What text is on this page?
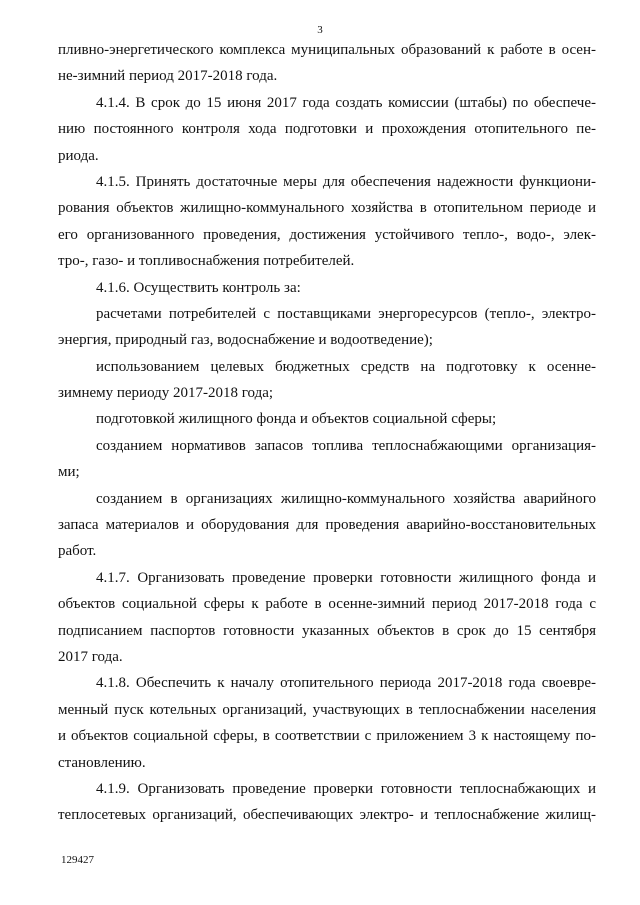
3
пливно-энергетического комплекса муниципальных образований к работе в осен-
не-зимний период 2017-2018 года.
4.1.4. В срок до 15 июня 2017 года создать комиссии (штабы) по обеспече-
нию постоянного контроля хода подготовки и прохождения отопительного пе-
риода.
4.1.5. Принять достаточные меры для обеспечения надежности функциони-
рования объектов жилищно-коммунального хозяйства в отопительном периоде и
его организованного проведения, достижения устойчивого тепло-, водо-, элек-
тро-, газо- и топливоснабжения потребителей.
4.1.6. Осуществить контроль за:
расчетами потребителей с поставщиками энергоресурсов (тепло-, электро-
энергия, природный газ, водоснабжение и водоотведение);
использованием целевых бюджетных средств на подготовку к осенне-
зимнему периоду 2017-2018 года;
подготовкой жилищного фонда и объектов социальной сферы;
созданием нормативов запасов топлива теплоснабжающими организация-
ми;
созданием в организациях жилищно-коммунального хозяйства аварийного
запаса материалов и оборудования для проведения аварийно-восстановительных
работ.
4.1.7. Организовать проведение проверки готовности жилищного фонда и
объектов социальной сферы к работе в осенне-зимний период 2017-2018 года с
подписанием паспортов готовности указанных объектов в срок до 15 сентября
2017 года.
4.1.8. Обеспечить к началу отопительного периода 2017-2018 года своевре-
менный пуск котельных организаций, участвующих в теплоснабжении населения
и объектов социальной сферы, в соответствии с приложением 3 к настоящему по-
становлению.
4.1.9. Организовать проведение проверки готовности теплоснабжающих и
теплосетевых организаций, обеспечивающих электро- и теплоснабжение жилищ-
129427
